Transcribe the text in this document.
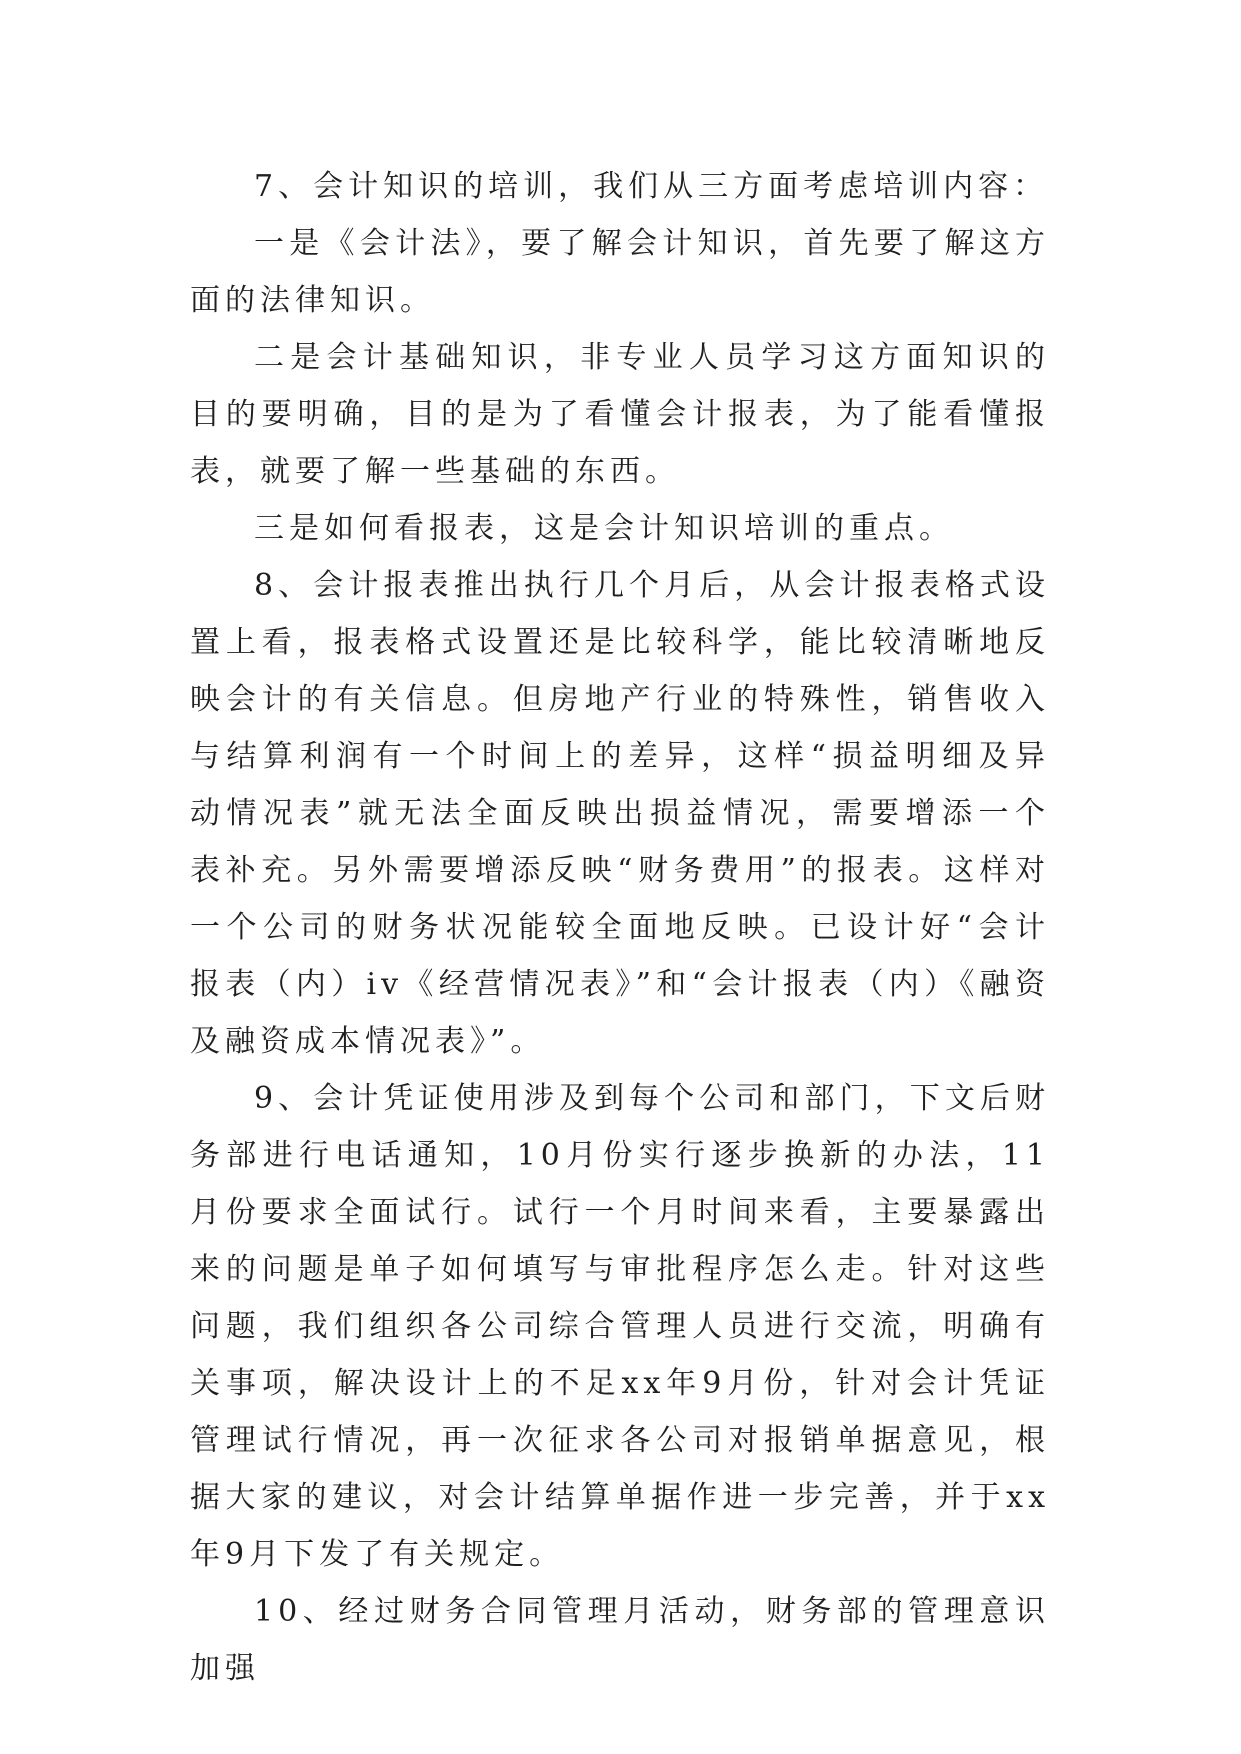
7、会计知识的培训，我们从三方面考虑培训内容：

一是《会计法》，要了解会计知识，首先要了解这方面的法律知识。

二是会计基础知识，非专业人员学习这方面知识的目的要明确，目的是为了看懂会计报表，为了能看懂报表，就要了解一些基础的东西。

三是如何看报表，这是会计知识培训的重点。

8、会计报表推出执行几个月后，从会计报表格式设置上看，报表格式设置还是比较科学，能比较清晰地反映会计的有关信息。但房地产行业的特殊性，销售收入与结算利润有一个时间上的差异，这样“损益明细及异动情况表”就无法全面反映出损益情况，需要增添一个表补充。另外需要增添反映“财务费用”的报表。这样对一个公司的财务状况能较全面地反映。已设计好“会计报表（内）iv《经营情况表》”和“会计报表（内）《融资及融资成本情况表》”。

9、会计凭证使用涉及到每个公司和部门，下文后财务部进行电话通知，10月份实行逐步换新的办法，11月份要求全面试行。试行一个月时间来看，主要暴露出来的问题是单子如何填写与审批程序怎么走。针对这些问题，我们组织各公司综合管理人员进行交流，明确有关事项，解决设计上的不足xx年9月份，针对会计凭证管理试行情况，再一次征求各公司对报销单据意见，根据大家的建议，对会计结算单据作进一步完善，并于xx年9月下发了有关规定。

10、经过财务合同管理月活动，财务部的管理意识加强
